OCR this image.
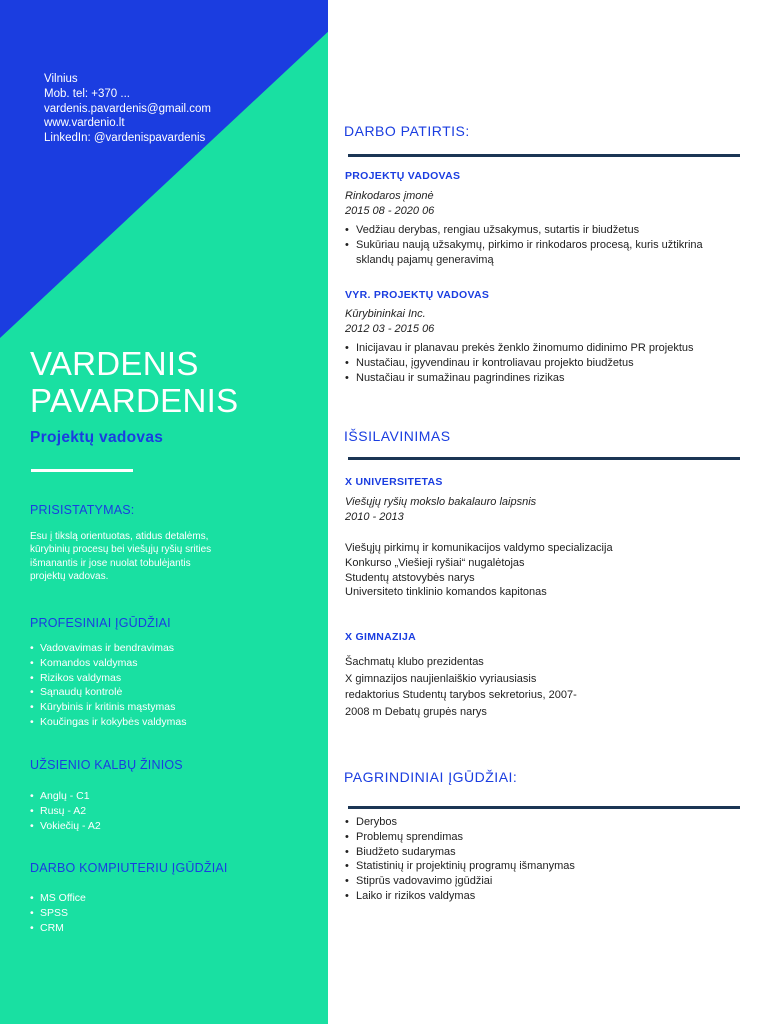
Vilnius
Mob. tel: +370 ...
vardenis.pavardenis@gmail.com
www.vardenio.lt
LinkedIn: @vardenispavardenis
VARDENIS
PAVARDENIS
Projektų vadovas
PRISISTATYMAS:
Esu į tikslą orientuotas, atidus detalėms,
kūrybinių procesų bei viešųjų ryšių srities
išmanantis ir jose nuolat tobulėjantis
projektų vadovas.
PROFESINIAI ĮGŪDŽIAI
• Vadovavimas ir bendravimas
• Komandos valdymas
• Rizikos valdymas
• Sąnaudų kontrolė
• Kūrybinis ir kritinis mąstymas
• Koučingas ir kokybės valdymas
UŽSIENIO KALBŲ ŽINIOS
• Anglų - C1
• Rusų - A2
• Vokiečių - A2
DARBO KOMPIUTERIU ĮGŪDŽIAI
• MS Office
• SPSS
• CRM
DARBO PATIRTIS:
PROJEKTŲ VADOVAS
Rinkodaros įmonė
2015 08 - 2020 06
• Vedžiau derybas, rengiau užsakymus, sutartis ir biudžetus
• Sukūriau naują užsakymų, pirkimo ir rinkodaros procesą, kuris užtikrina sklandų pajamų generavimą
VYR. PROJEKTŲ VADOVAS
Kūrybininkai Inc.
2012 03 - 2015 06
• Inicijavau ir planavau prekės ženklo žinomumo didinimo PR projektus
• Nustačiau, įgyvendinau ir kontroliavau projekto biudžetus
• Nustačiau ir sumažinau pagrindines rizikas
IŠSILAVINIMAS
X UNIVERSITETAS
Viešųjų ryšių mokslo bakalauro laipsnis
2010 - 2013
Viešųjų pirkimų ir komunikacijos valdymo specializacija
Konkurso „Viešieji ryšiai“ nugalėtojas
Studentų atstovybės narys
Universiteto tinklinio komandos kapitonas
X GIMNAZIJA
Šachmatų klubo prezidentas
X gimnazijos naujienlaiškio vyriausiasis
redaktorius Studentų tarybos sekretorius, 2007-
2008 m Debatų grupės narys
PAGRINDINIAI ĮGŪDŽIAI:
• Derybos
• Problemų sprendimas
• Biudžeto sudarymas
• Statistinių ir projektinių programų išmanymas
• Stiprūs vadovavimo įgūdžiai
• Laiko ir rizikos valdymas
